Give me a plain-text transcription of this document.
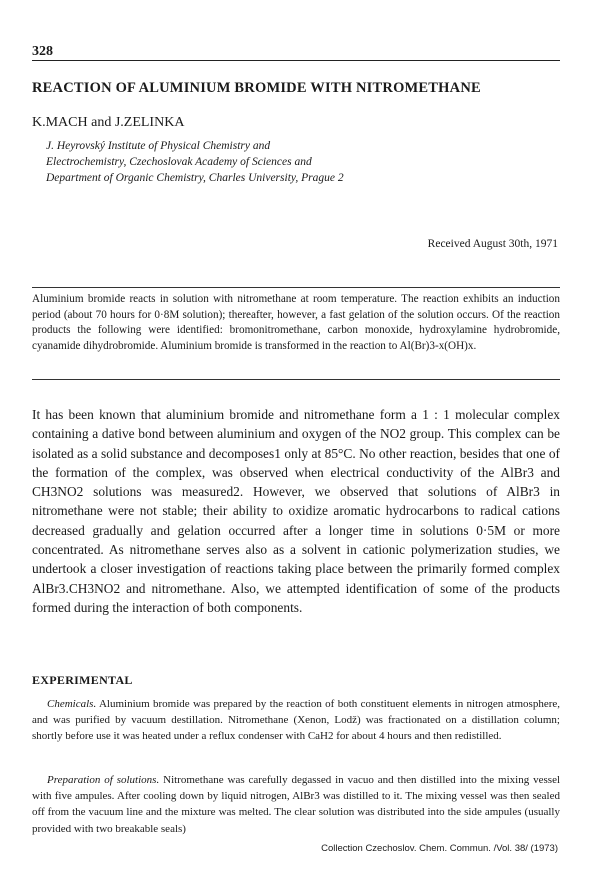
328
REACTION OF ALUMINIUM BROMIDE WITH NITROMETHANE
K.MACH and J.ZELINKA
J. Heyrovský Institute of Physical Chemistry and
Electrochemistry, Czechoslovak Academy of Sciences and
Department of Organic Chemistry, Charles University, Prague 2
Received August 30th, 1971
Aluminium bromide reacts in solution with nitromethane at room temperature. The reaction exhibits an induction period (about 70 hours for 0·8M solution); thereafter, however, a fast gelation of the solution occurs. Of the reaction products the following were identified: bromonitromethane, carbon monoxide, hydroxylamine hydrobromide, cyanamide dihydrobromide. Aluminium bromide is transformed in the reaction to Al(Br)3-x(OH)x.
It has been known that aluminium bromide and nitromethane form a 1 : 1 molecular complex containing a dative bond between aluminium and oxygen of the NO2 group. This complex can be isolated as a solid substance and decomposes1 only at 85°C. No other reaction, besides that one of the formation of the complex, was observed when electrical conductivity of the AlBr3 and CH3NO2 solutions was measured2. However, we observed that solutions of AlBr3 in nitromethane were not stable; their ability to oxidize aromatic hydrocarbons to radical cations decreased gradually and gelation occurred after a longer time in solutions 0·5M or more concentrated. As nitromethane serves also as a solvent in cationic polymerization studies, we undertook a closer investigation of reactions taking place between the primarily formed complex AlBr3.CH3NO2 and nitromethane. Also, we attempted identification of some of the products formed during the interaction of both components.
EXPERIMENTAL
Chemicals. Aluminium bromide was prepared by the reaction of both constituent elements in nitrogen atmosphere, and was purified by vacuum destillation. Nitromethane (Xenon, Lodž) was fractionated on a distillation column; shortly before use it was heated under a reflux condenser with CaH2 for about 4 hours and then redistilled.
Preparation of solutions. Nitromethane was carefully degassed in vacuo and then distilled into the mixing vessel with five ampules. After cooling down by liquid nitrogen, AlBr3 was distilled to it. The mixing vessel was then sealed off from the vacuum line and the mixture was melted. The clear solution was distributed into the side ampules (usually provided with two breakable seals)
Collection Czechoslov. Chem. Commun. /Vol. 38/ (1973)
